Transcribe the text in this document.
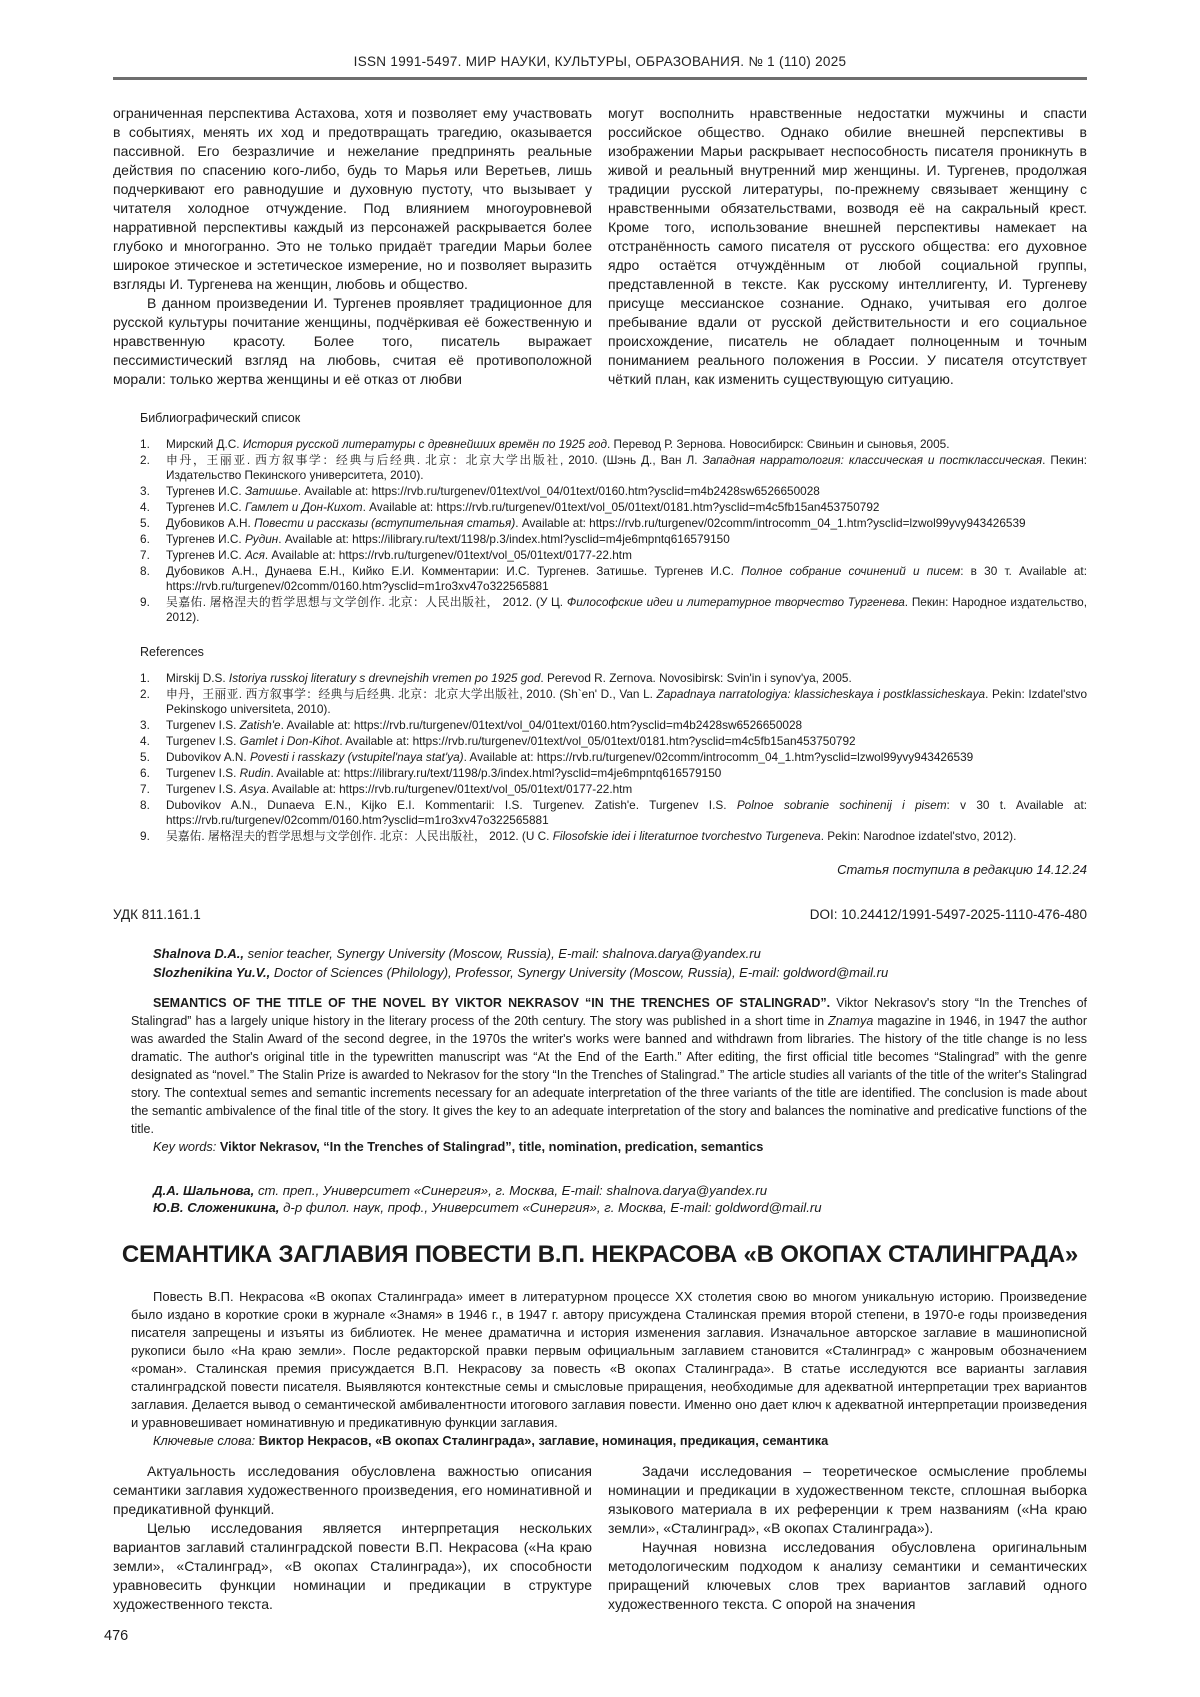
ISSN 1991-5497. МИР НАУКИ, КУЛЬТУРЫ, ОБРАЗОВАНИЯ. № 1 (110) 2025

ограниченная перспектива Астахова, хотя и позволяет ему участвовать в событиях, менять их ход и предотвращать трагедию, оказывается пассивной. Его безразличие и нежелание предпринять реальные действия по спасению кого-либо, будь то Марья или Веретьев, лишь подчеркивают его равнодушие и духовную пустоту, что вызывает у читателя холодное отчуждение. Под влиянием многоуровневой нарративной перспективы каждый из персонажей раскрывается более глубоко и многогранно. Это не только придаёт трагедии Марьи более широкое этическое и эстетическое измерение, но и позволяет выразить взгляды И. Тургенева на женщин, любовь и общество.

В данном произведении И. Тургенев проявляет традиционное для русской культуры почитание женщины, подчёркивая её божественную и нравственную красоту. Более того, писатель выражает пессимистический взгляд на любовь, считая её противоположной морали: только жертва женщины и её отказ от любви

могут восполнить нравственные недостатки мужчины и спасти российское общество. Однако обилие внешней перспективы в изображении Марьи раскрывает неспособность писателя проникнуть в живой и реальный внутренний мир женщины. И. Тургенев, продолжая традиции русской литературы, по-прежнему связывает женщину с нравственными обязательствами, возводя её на сакральный крест. Кроме того, использование внешней перспективы намекает на отстранённость самого писателя от русского общества: его духовное ядро остаётся отчуждённым от любой социальной группы, представленной в тексте. Как русскому интеллигенту, И. Тургеневу присуще мессианское сознание. Однако, учитывая его долгое пребывание вдали от русской действительности и его социальное происхождение, писатель не обладает полноценным и точным пониманием реального положения в России. У писателя отсутствует чёткий план, как изменить существующую ситуацию.

Библиографический список
Мирский Д.С. История русской литературы с древнейших времён по 1925 год. Перевод Р. Зернова. Новосибирск: Свиньин и сыновья, 2005.
申丹，王丽亚. 西方叙事学：经典与后经典. 北京：北京大学出版社, 2010. (Шэнь Д., Ван Л. Западная нарратология: классическая и постклассическая. Пекин: Издательство Пекинского университета, 2010).
Тургенев И.С. Затишье. Available at: https://rvb.ru/turgenev/01text/vol_04/01text/0160.htm?ysclid=m4b2428sw6526650028
Тургенев И.С. Гамлет и Дон-Кихот. Available at: https://rvb.ru/turgenev/01text/vol_05/01text/0181.htm?ysclid=m4c5fb15an453750792
Дубовиков А.Н. Повести и рассказы (вступительная статья). Available at: https://rvb.ru/turgenev/02comm/introcomm_04_1.htm?ysclid=lzwol99yvy943426539
Тургенев И.С. Рудин. Available at: https://ilibrary.ru/text/1198/p.3/index.html?ysclid=m4je6mpntq616579150
Тургенев И.С. Ася. Available at: https://rvb.ru/turgenev/01text/vol_05/01text/0177-22.htm
Дубовиков А.Н., Дунаева Е.Н., Кийко Е.И. Комментарии: И.С. Тургенев. Затишье. Тургенев И.С. Полное собрание сочинений и писем: в 30 т. Available at: https://rvb.ru/turgenev/02comm/0160.htm?ysclid=m1ro3xv47o322565881
吴嘉佑. 屠格涅夫的哲学思想与文学创作. 北京：人民出版社， 2012. (У Ц. Философские идеи и литературное творчество Тургенева. Пекин: Народное издательство, 2012).
References
Mirskij D.S. Istoriya russkoj literatury s drevnejshih vremen po 1925 god. Perevod R. Zernova. Novosibirsk: Svin'in i synov'ya, 2005.
申丹，王丽亚. 西方叙事学：经典与后经典. 北京：北京大学出版社, 2010. (Sh`en' D., Van L. Zapadnaya narratologiya: klassicheskaya i postklassicheskaya. Pekin: Izdatel'stvo Pekinskogo universiteta, 2010).
Turgenev I.S. Zatish'e. Available at: https://rvb.ru/turgenev/01text/vol_04/01text/0160.htm?ysclid=m4b2428sw6526650028
Turgenev I.S. Gamlet i Don-Kihot. Available at: https://rvb.ru/turgenev/01text/vol_05/01text/0181.htm?ysclid=m4c5fb15an453750792
Dubovikov A.N. Povesti i rasskazy (vstupitel'naya stat'ya). Available at: https://rvb.ru/turgenev/02comm/introcomm_04_1.htm?ysclid=lzwol99yvy943426539
Turgenev I.S. Rudin. Available at: https://ilibrary.ru/text/1198/p.3/index.html?ysclid=m4je6mpntq616579150
Turgenev I.S. Asya. Available at: https://rvb.ru/turgenev/01text/vol_05/01text/0177-22.htm
Dubovikov A.N., Dunaeva E.N., Kijko E.I. Kommentarii: I.S. Turgenev. Zatish'e. Turgenev I.S. Polnoe sobranie sochinenij i pisem: v 30 t. Available at: https://rvb.ru/turgenev/02comm/0160.htm?ysclid=m1ro3xv47o322565881
吴嘉佑. 屠格涅夫的哲学思想与文学创作. 北京：人民出版社， 2012. (U C. Filosofskie idei i literaturnoe tvorchestvo Turgeneva. Pekin: Narodnoe izdatel'stvo, 2012).
Статья поступила в редакцию 14.12.24
УДК 811.161.1	DOI: 10.24412/1991-5497-2025-1110-476-480

Shalnova D.A., senior teacher, Synergy University (Moscow, Russia), E-mail: shalnova.darya@yandex.ru

Slozhenikina Yu.V., Doctor of Sciences (Philology), Professor, Synergy University (Moscow, Russia), E-mail: goldword@mail.ru

SEMANTICS OF THE TITLE OF THE NOVEL BY VIKTOR NEKRASOV “IN THE TRENCHES OF STALINGRAD”. Viktor Nekrasov's story “In the Trenches of Stalingrad” has a largely unique history in the literary process of the 20th century. The story was published in a short time in Znamya magazine in 1946, in 1947 the author was awarded the Stalin Award of the second degree, in the 1970s the writer's works were banned and withdrawn from libraries. The history of the title change is no less dramatic. The author's original title in the typewritten manuscript was “At the End of the Earth.” After editing, the first official title becomes “Stalingrad” with the genre designated as “novel.” The Stalin Prize is awarded to Nekrasov for the story “In the Trenches of Stalingrad.” The article studies all variants of the title of the writer's Stalingrad story. The contextual semes and semantic increments necessary for an adequate interpretation of the three variants of the title are identified. The conclusion is made about the semantic ambivalence of the final title of the story. It gives the key to an adequate interpretation of the story and balances the nominative and predicative functions of the title.

Key words: Viktor Nekrasov, “In the Trenches of Stalingrad”, title, nomination, predication, semantics

Д.А. Шальнова, ст. преп., Университет «Синергия», г. Москва, E-mail: shalnova.darya@yandex.ru

Ю.В. Сложеникина, д-р филол. наук, проф., Университет «Синергия», г. Москва, E-mail: goldword@mail.ru

СЕМАНТИКА ЗАГЛАВИЯ ПОВЕСТИ В.П. НЕКРАСОВА «В ОКОПАХ СТАЛИНГРАДА»

Повесть В.П. Некрасова «В окопах Сталинграда» имеет в литературном процессе XX столетия свою во многом уникальную историю. Произведение было издано в короткие сроки в журнале «Знамя» в 1946 г., в 1947 г. автору присуждена Сталинская премия второй степени, в 1970-е годы произведения писателя запрещены и изъяты из библиотек. Не менее драматична и история изменения заглавия. Изначальное авторское заглавие в машинописной рукописи было «На краю земли». После редакторской правки первым официальным заглавием становится «Сталинград» с жанровым обозначением «роман». Сталинская премия присуждается В.П. Некрасову за повесть «В окопах Сталинграда». В статье исследуются все варианты заглавия сталинградской повести писателя. Выявляются контекстные семы и смысловые приращения, необходимые для адекватной интерпретации трех вариантов заглавия. Делается вывод о семантической амбивалентности итогового заглавия повести. Именно оно дает ключ к адекватной интерпретации произведения и уравновешивает номинативную и предикативную функции заглавия.

Ключевые слова: Виктор Некрасов, «В окопах Сталинграда», заглавие, номинация, предикация, семантика

Актуальность исследования обусловлена важностью описания семантики заглавия художественного произведения, его номинативной и предикативной функций.

Целью исследования является интерпретация нескольких вариантов заглавий сталинградской повести В.П. Некрасова («На краю земли», «Сталинград», «В окопах Сталинграда»), их способности уравновесить функции номинации и предикации в структуре художественного текста.

Задачи исследования – теоретическое осмысление проблемы номинации и предикации в художественном тексте, сплошная выборка языкового материала в их референции к трем названиям («На краю земли», «Сталинград», «В окопах Сталинграда»).

Научная новизна исследования обусловлена оригинальным методологическим подходом к анализу семантики и семантических приращений ключевых слов трех вариантов заглавий одного художественного текста. С опорой на значения

476
